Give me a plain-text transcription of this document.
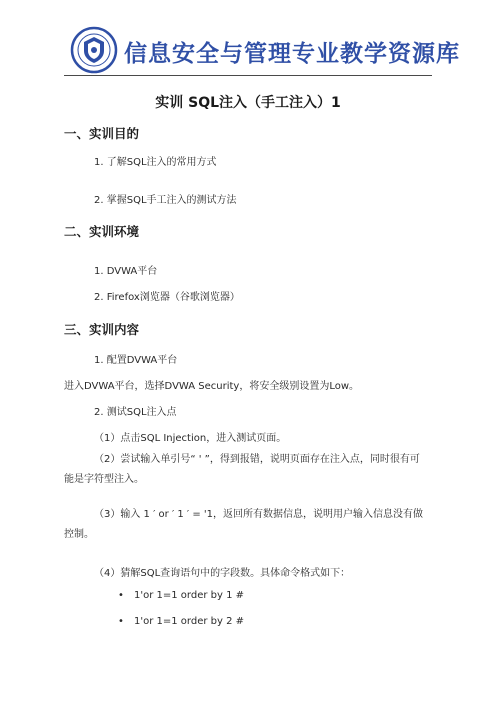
信息安全与管理专业教学资源库
实训 SQL注入（手工注入）1
一、实训目的
1. 了解SQL注入的常用方式
2. 掌握SQL手工注入的测试方法
二、实训环境
1. DVWA平台
2. Firefox浏览器（谷歌浏览器）
三、实训内容
1. 配置DVWA平台
进入DVWA平台，选择DVWA Security，将安全级别设置为Low。
2. 测试SQL注入点
（1）点击SQL Injection，进入测试页面。
（2）尝试输入单引号“ ' ”，得到报错，说明页面存在注入点，同时很有可能是字符型注入。
（3）输入 1 ′ or ′ 1 ′ = '1，返回所有数据信息，说明用户输入信息没有做控制。
（4）猜解SQL查询语句中的字段数。具体命令格式如下：
• 1'or 1=1 order by 1 #
• 1'or 1=1 order by 2 #
